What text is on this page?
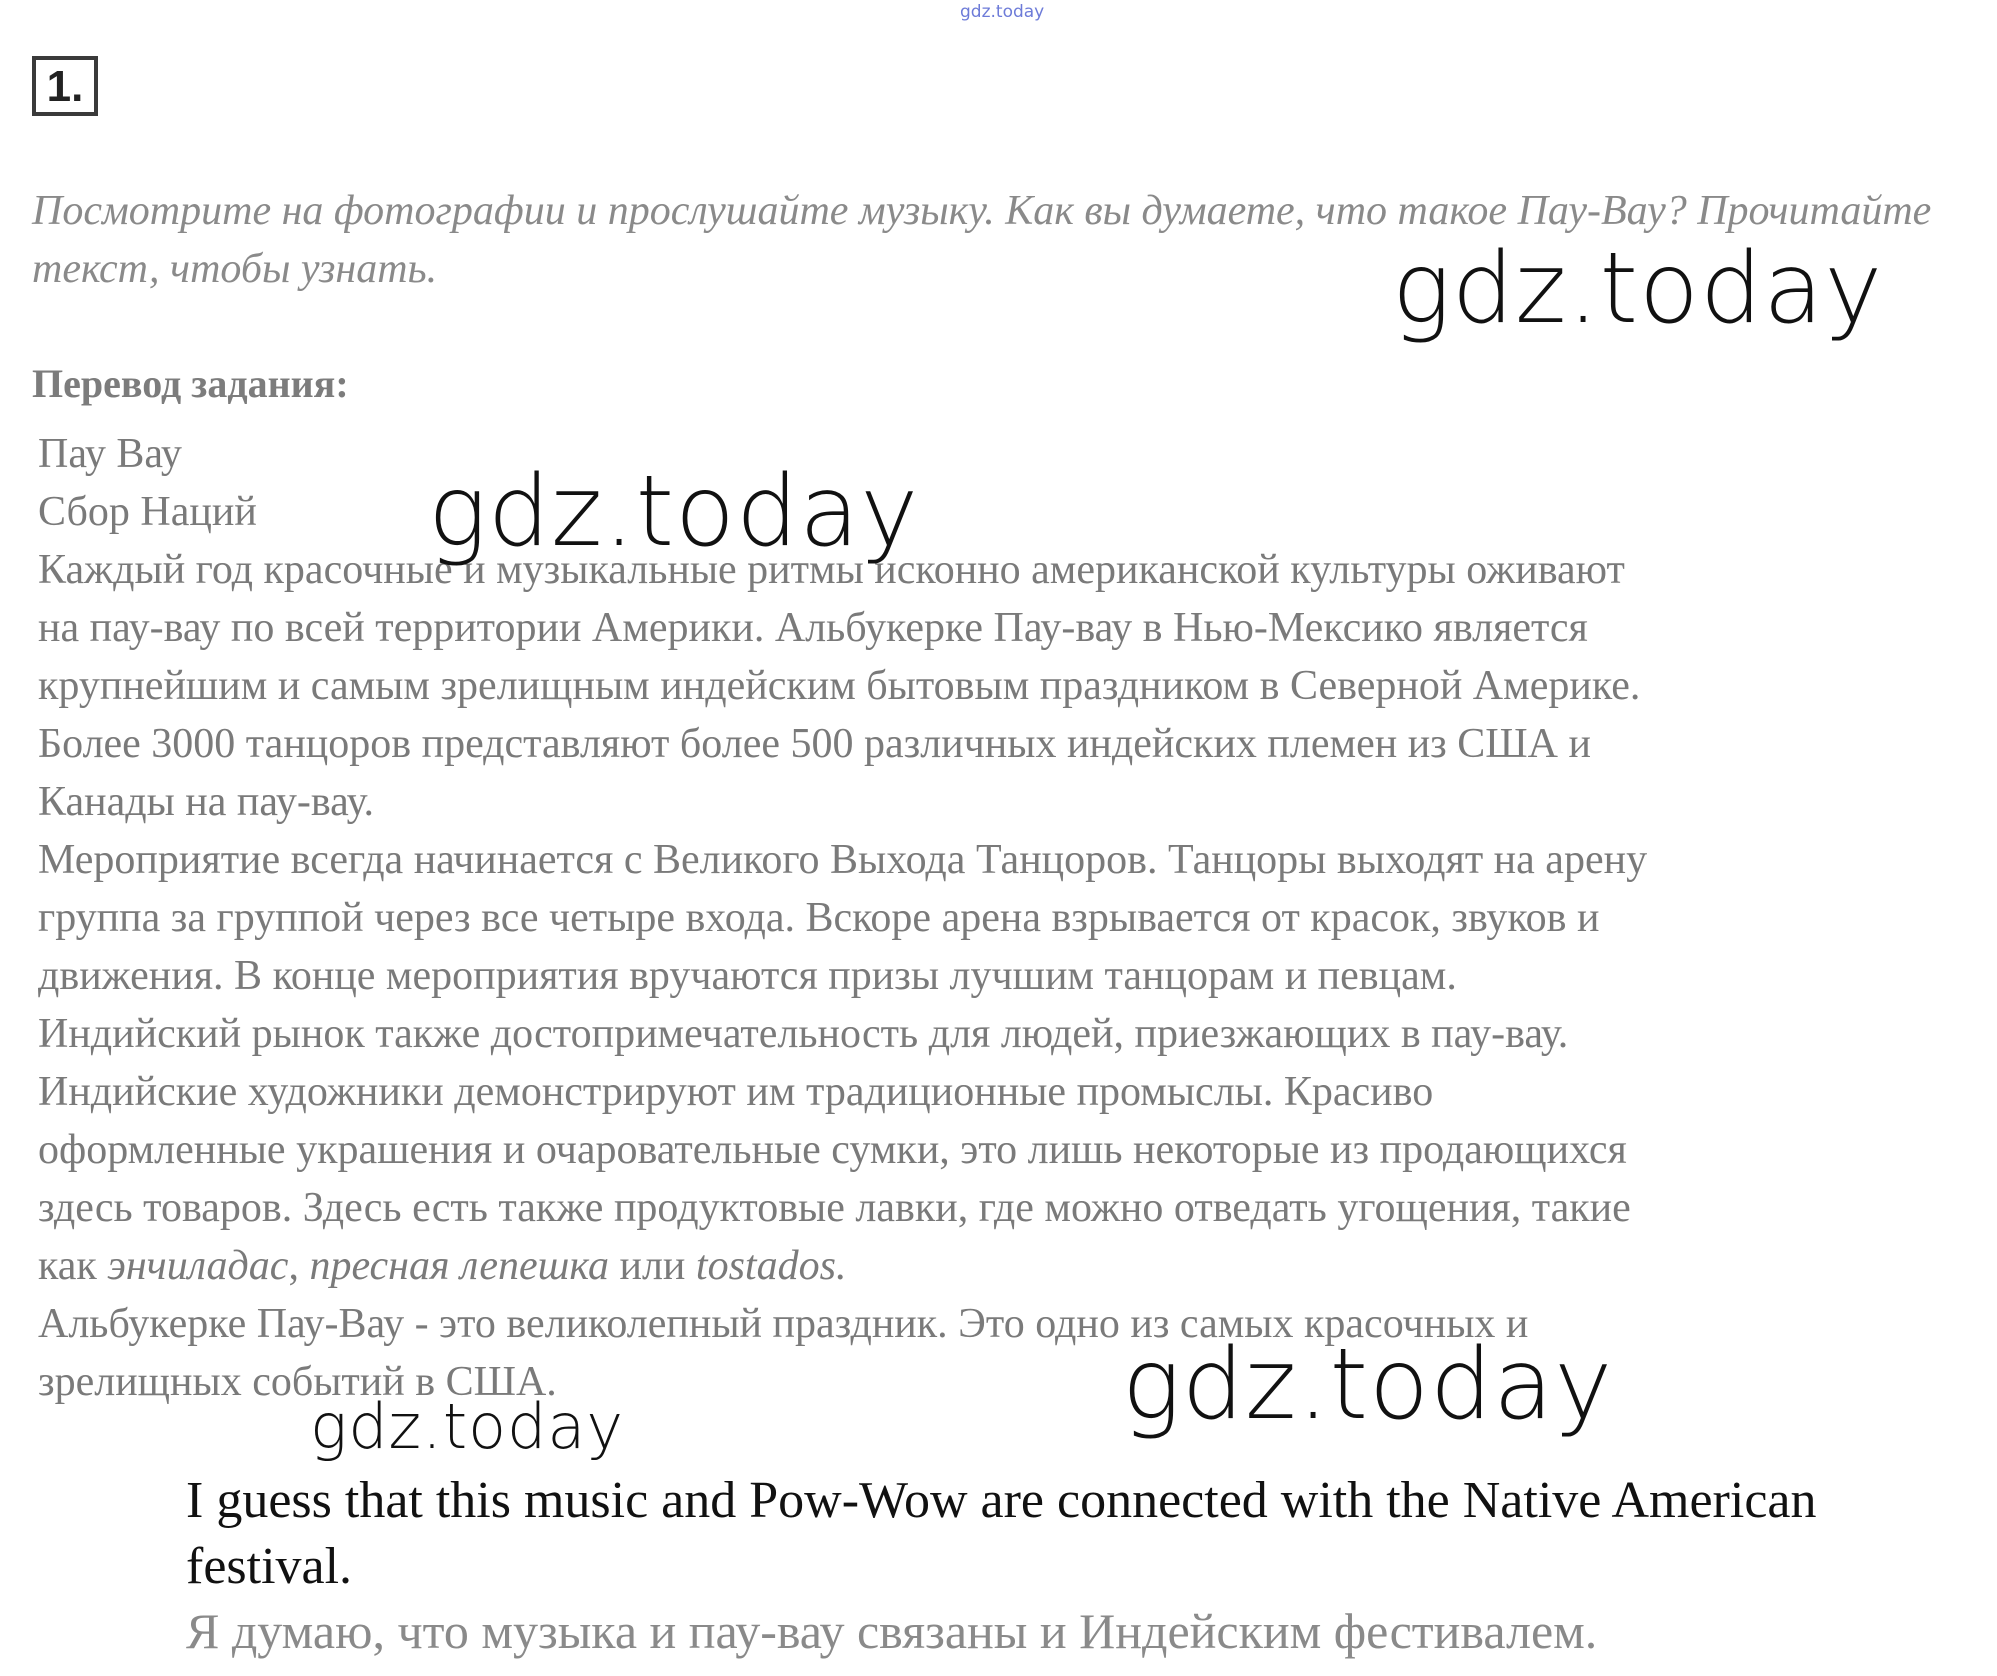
gdz.today
1.

Посмотрите на фотографии и прослушайте музыку. Как вы думаете, что такое Пау-Вау? Прочитайте текст, чтобы узнать.

Перевод задания:

Пау Вау
Сбор Наций
Каждый год красочные и музыкальные ритмы исконно американской культуры оживают
на пау-вау по всей территории Америки. Альбукерке Пау-вау в Нью-Мексико является
крупнейшим и самым зрелищным индейским бытовым праздником в Северной Америке.
Более 3000 танцоров представляют более 500 различных индейских племен из США и
Канады на пау-вау.
Мероприятие всегда начинается с Великого Выхода Танцоров. Танцоры выходят на арену
группа за группой через все четыре входа. Вскоре арена взрывается от красок, звуков и
движения. В конце мероприятия вручаются призы лучшим танцорам и певцам.
Индийский рынок также достопримечательность для людей, приезжающих в пау-вау.
Индийские художники демонстрируют им традиционные промыслы. Красиво
оформленные украшения и очаровательные сумки, это лишь некоторые из продающихся
здесь товаров. Здесь есть также продуктовые лавки, где можно отведать угощения, такие
как энчиладас, пресная лепешка или tostados.
Альбукерке Пау-Вау - это великолепный праздник. Это одно из самых красочных и
зрелищных событий в США.
gdz.today
gdz.today
gdz.today
gdz.today

I guess that this music and Pow-Wow are connected with the Native American festival.

Я думаю, что музыка и пау-вау связаны и Индейским фестивалем.
